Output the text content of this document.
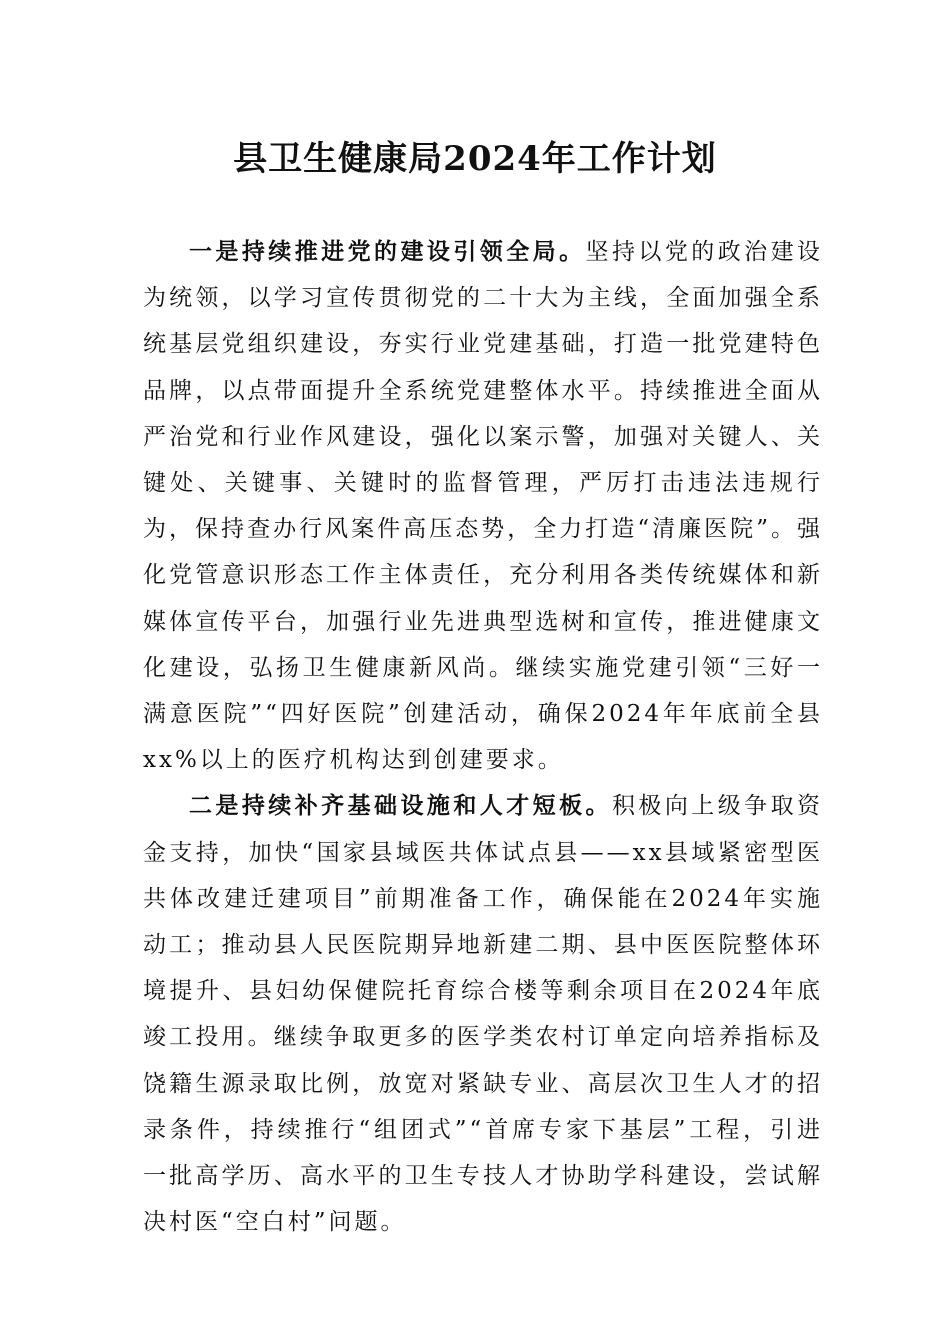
县卫生健康局2024年工作计划

一是持续推进党的建设引领全局。坚持以党的政治建设为统领，以学习宣传贯彻党的二十大为主线，全面加强全系统基层党组织建设，夯实行业党建基础，打造一批党建特色品牌，以点带面提升全系统党建整体水平。持续推进全面从严治党和行业作风建设，强化以案示警，加强对关键人、关键处、关键事、关键时的监督管理，严厉打击违法违规行为，保持查办行风案件高压态势，全力打造“清廉医院”。强化党管意识形态工作主体责任，充分利用各类传统媒体和新媒体宣传平台，加强行业先进典型选树和宣传，推进健康文化建设，弘扬卫生健康新风尚。继续实施党建引领“三好一满意医院”“四好医院”创建活动，确保2024年年底前全县xx%以上的医疗机构达到创建要求。

二是持续补齐基础设施和人才短板。积极向上级争取资金支持，加快“国家县域医共体试点县——xx县域紧密型医共体改建迁建项目”前期准备工作，确保能在2024年实施动工；推动县人民医院期异地新建二期、县中医医院整体环境提升、县妇幼保健院托育综合楼等剩余项目在2024年底竣工投用。继续争取更多的医学类农村订单定向培养指标及饶籍生源录取比例，放宽对紧缺专业、高层次卫生人才的招录条件，持续推行“组团式”“首席专家下基层”工程，引进一批高学历、高水平的卫生专技人才协助学科建设，尝试解决村医“空白村”问题。
